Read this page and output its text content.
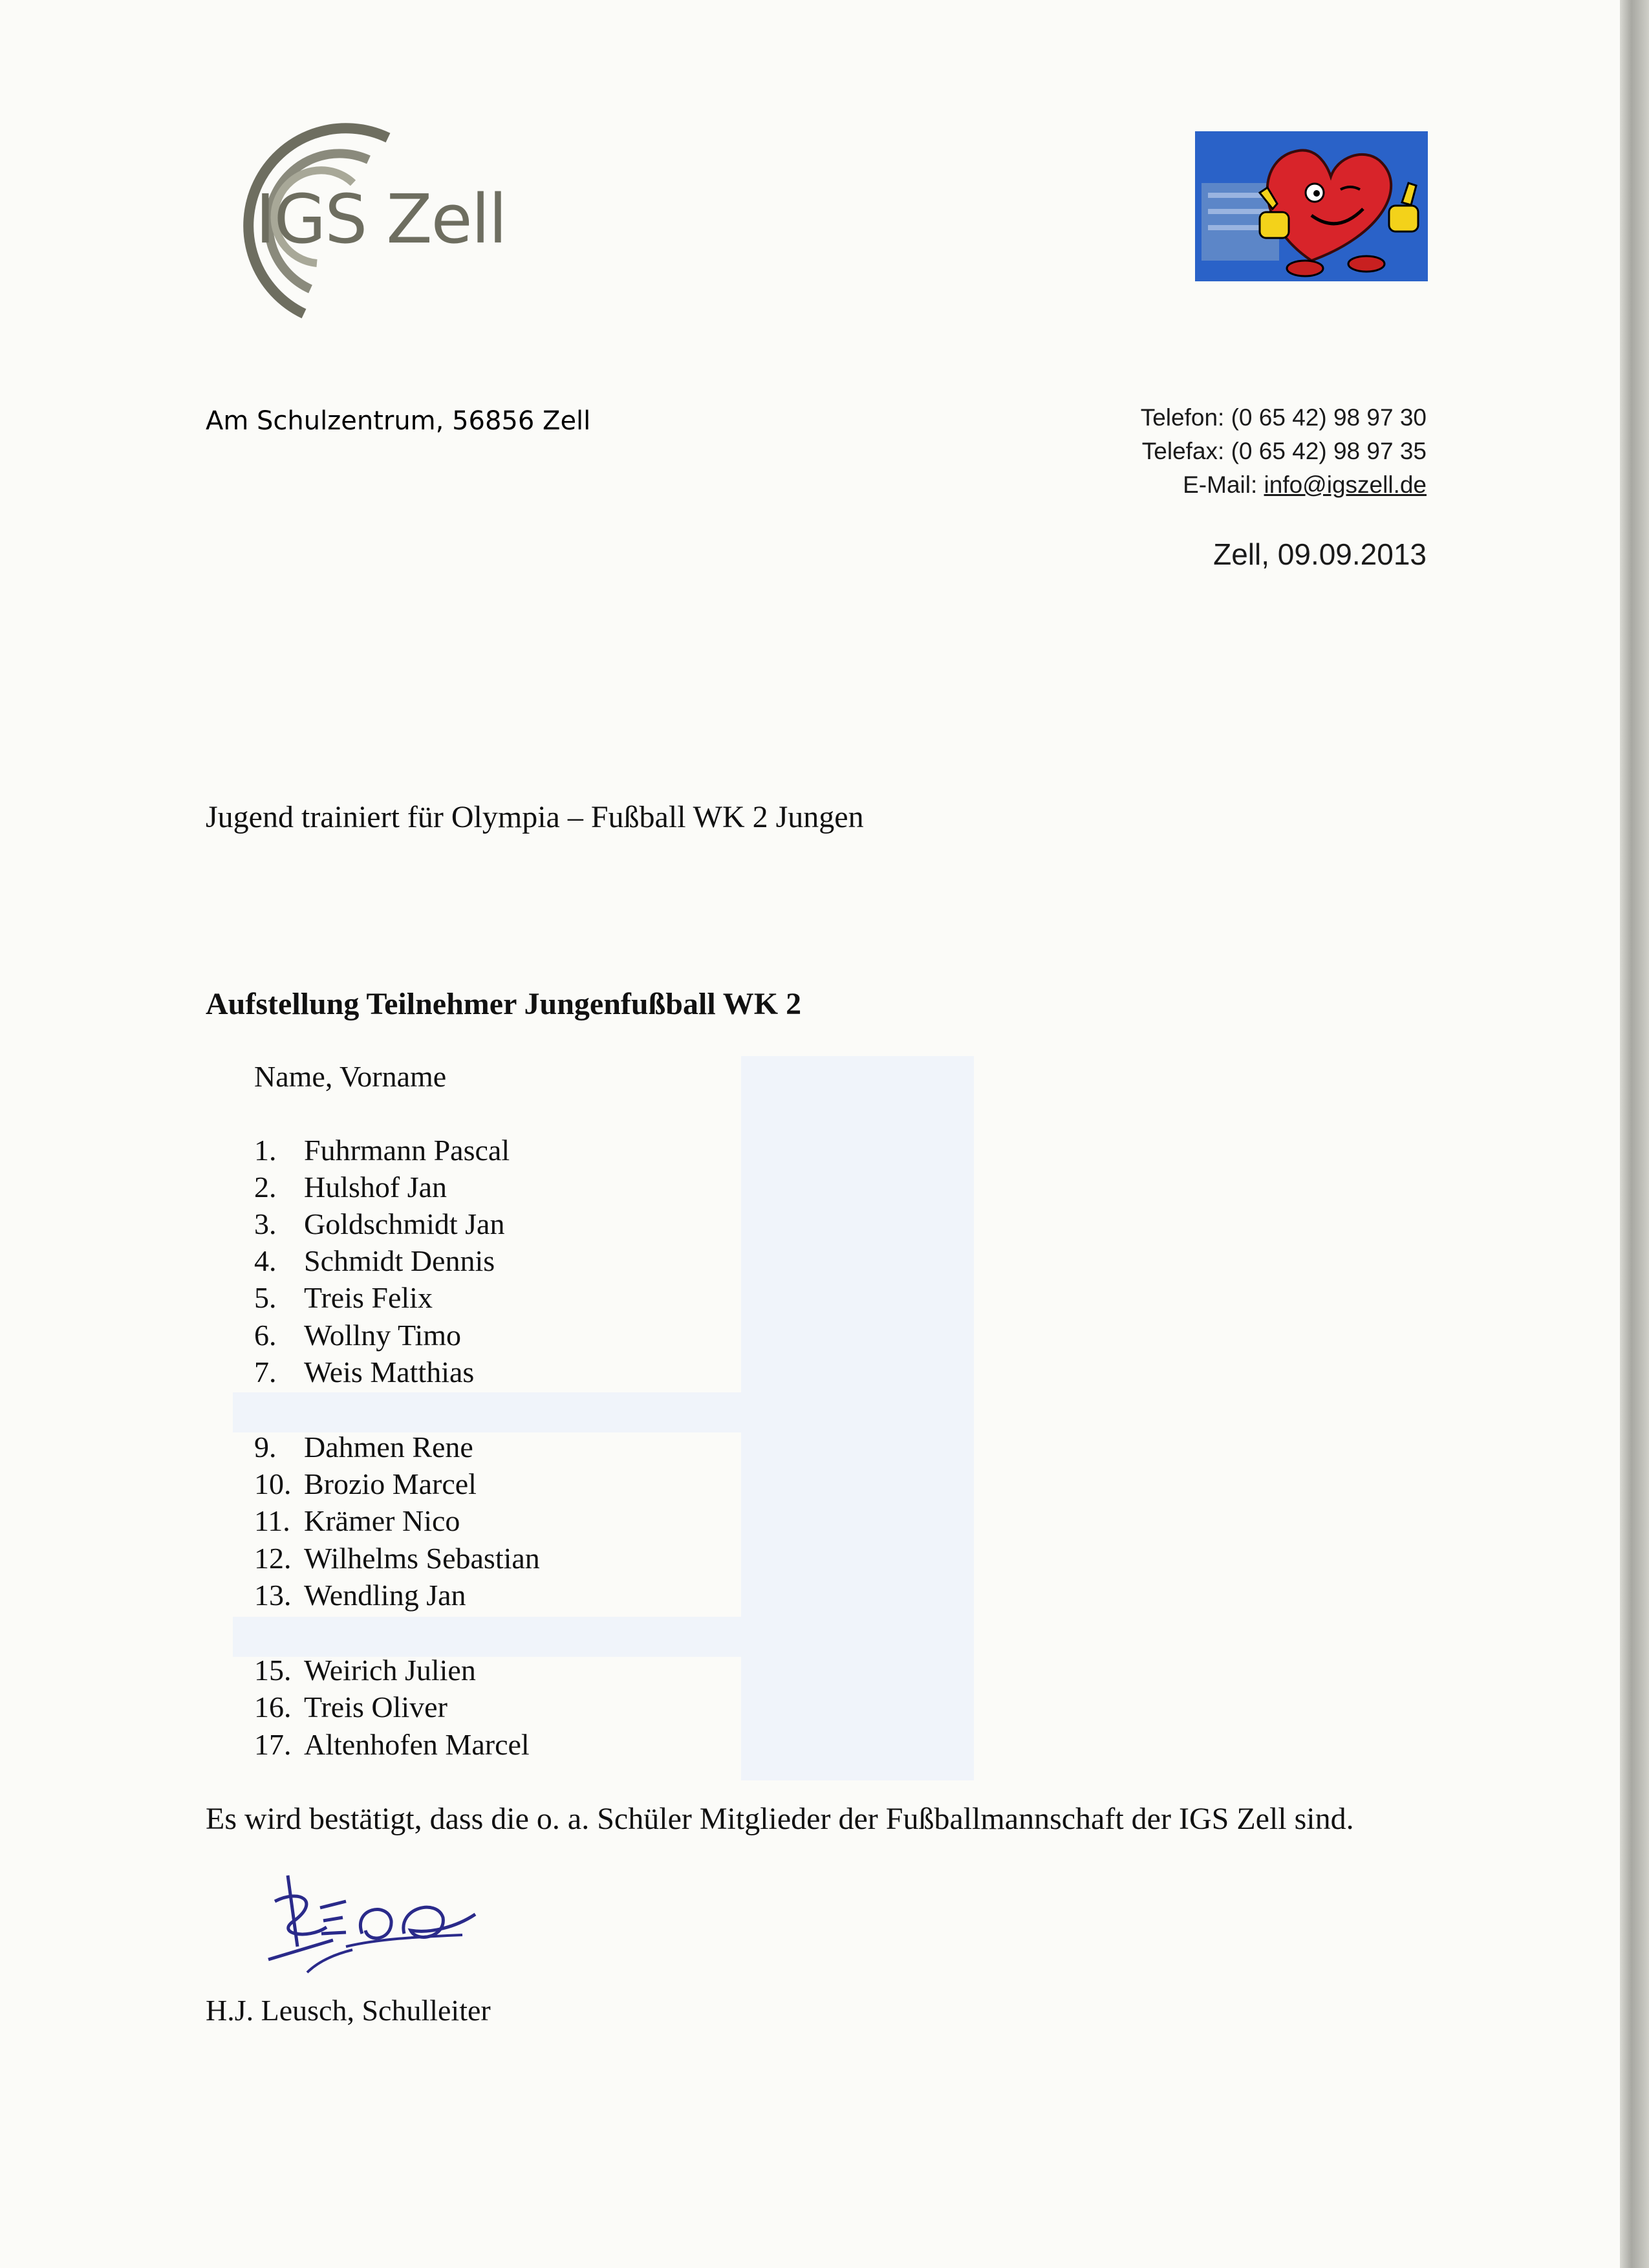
IGS Zell
Am Schulzentrum, 56856 Zell	Telefon: (0 65 42) 98 97 30
Telefax: (0 65 42) 98 97 35
E-Mail: info@igszell.de
Zell, 09.09.2013
Jugend trainiert für Olympia – Fußball WK 2 Jungen
Aufstellung Teilnehmer Jungenfußball WK 2
Name, Vorname
1. Fuhrmann Pascal
2. Hulshof Jan
3. Goldschmidt Jan
4. Schmidt Dennis
5. Treis Felix
6. Wollny Timo
7. Weis Matthias
9. Dahmen Rene
10. Brozio Marcel
11. Krämer Nico
12. Wilhelms Sebastian
13. Wendling Jan
15. Weirich Julien
16. Treis Oliver
17. Altenhofen Marcel
Es wird bestätigt, dass die o. a. Schüler Mitglieder der Fußballmannschaft der IGS Zell sind.
H.J. Leusch, Schulleiter
